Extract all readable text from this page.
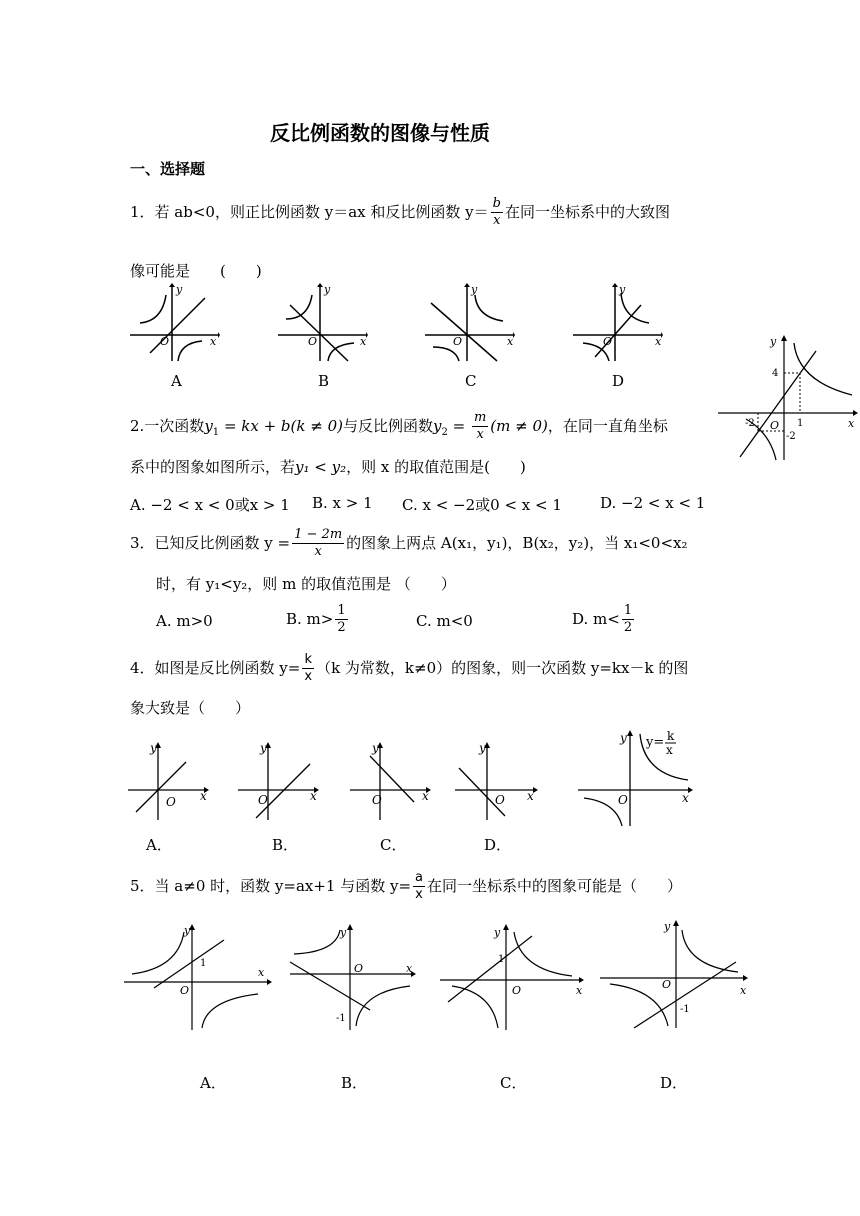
反比例函数的图像与性质
一、选择题
1．若 ab<0，则正比例函数 y＝ax 和反比例函数 $y= \frac{b}{x}$ 在同一坐标系中的大致图
像可能是　　(　　)
y
x
O
A
y
x
O
B
y
x
O
C
y
x
O
D
y
x
4
-2 O 1
-2
2.一次函数$y_1$ = kx + b(k ≠ 0)与反比例函数$y_2 = \frac{m}{x} (m \ne 0)$，在同一直角坐标
系中的图象如图所示，若y₁ < y₂，则 x 的取值范围是(　　)
A. −2 < x < 0或x > 1 B. x > 1 C. x < −2或0 < x < 1	D. −2 < x < 1
3．已知反比例函数 $y = \frac{1 - 2m}{x}$ 的图象上两点 A(x₁，y₁)，B(x₂，y₂)，当 x₁<0<x₂
时，有 y₁<y₂，则 m 的取值范围是 （　　）
A. m>0	B. $m> \frac{1}{2}$	C. m<0	D. $m< \frac{1}{2}$
4．如图是反比例函数 $y= \frac{k}{x} (k$ 为常数，k≠0）的图象，则一次函数 y=kx－k 的图
象大致是（　　）
y
x
O
A．
y
x
O
B．
y
x
O
C．
y
x
O
D．
y
x
O
y= k
x
5．当 a≠0 时，函数 y=ax+1 与函数 $y= \frac{a}{x}$ 在同一坐标系中的图象可能是（　　）
y
x
O
1
A．
y
x
O
-1
B．
y
x
O
1
C．
y
x
O
-1
D．
